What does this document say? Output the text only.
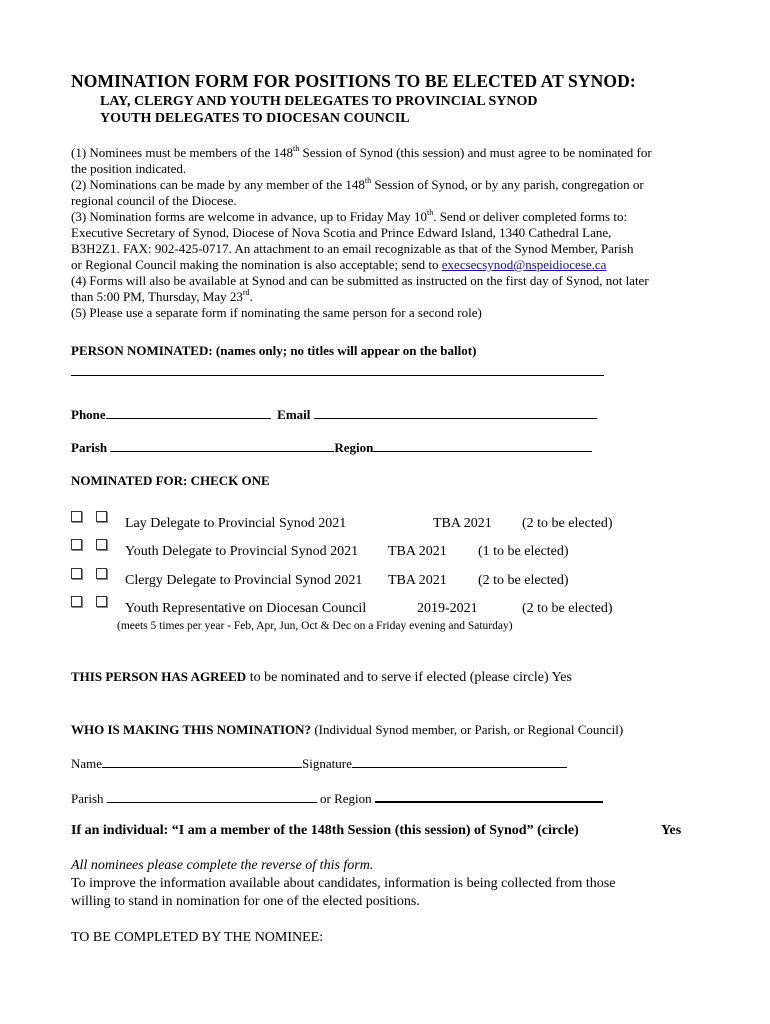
NOMINATION FORM FOR POSITIONS TO BE ELECTED AT SYNOD:
LAY, CLERGY AND YOUTH DELEGATES TO PROVINCIAL SYNOD
YOUTH DELEGATES TO DIOCESAN COUNCIL
(1) Nominees must be members of the 148th Session of Synod (this session) and must agree to be nominated for
the position indicated.
(2) Nominations can be made by any member of the 148th Session of Synod, or by any parish, congregation or
regional council of the Diocese.
(3) Nomination forms are welcome in advance, up to Friday May 10th. Send or deliver completed forms to:
Executive Secretary of Synod, Diocese of Nova Scotia and Prince Edward Island, 1340 Cathedral Lane,
B3H2Z1. FAX: 902-425-0717. An attachment to an email recognizable as that of the Synod Member, Parish
or Regional Council making the nomination is also acceptable; send to execsecsynod@nspeidiocese.ca
(4) Forms will also be available at Synod and can be submitted as instructed on the first day of Synod, not later
than 5:00 PM, Thursday, May 23rd.
(5) Please use a separate form if nominating the same person for a second role)
PERSON NOMINATED: (names only; no titles will appear on the ballot)
Phone	Email
Parish	Region
NOMINATED FOR: CHECK ONE
Lay Delegate to Provincial Synod 2021	TBA 2021 (2 to be elected)
Youth Delegate to Provincial Synod 2021 TBA 2021 (1 to be elected)
Clergy Delegate to Provincial Synod 2021 TBA 2021 (2 to be elected)
Youth Representative on Diocesan Council	2019-2021	(2 to be elected)
(meets 5 times per year - Feb, Apr, Jun, Oct & Dec on a Friday evening and Saturday)
THIS PERSON HAS AGREED to be nominated and to serve if elected (please circle) Yes
WHO IS MAKING THIS NOMINATION? (Individual Synod member, or Parish, or Regional Council)
Name	Signature
Parish	or Region
If an individual: “I am a member of the 148th Session (this session) of Synod” (circle)	Yes
All nominees please complete the reverse of this form.
To improve the information available about candidates, information is being collected from those
willing to stand in nomination for one of the elected positions.
TO BE COMPLETED BY THE NOMINEE:
